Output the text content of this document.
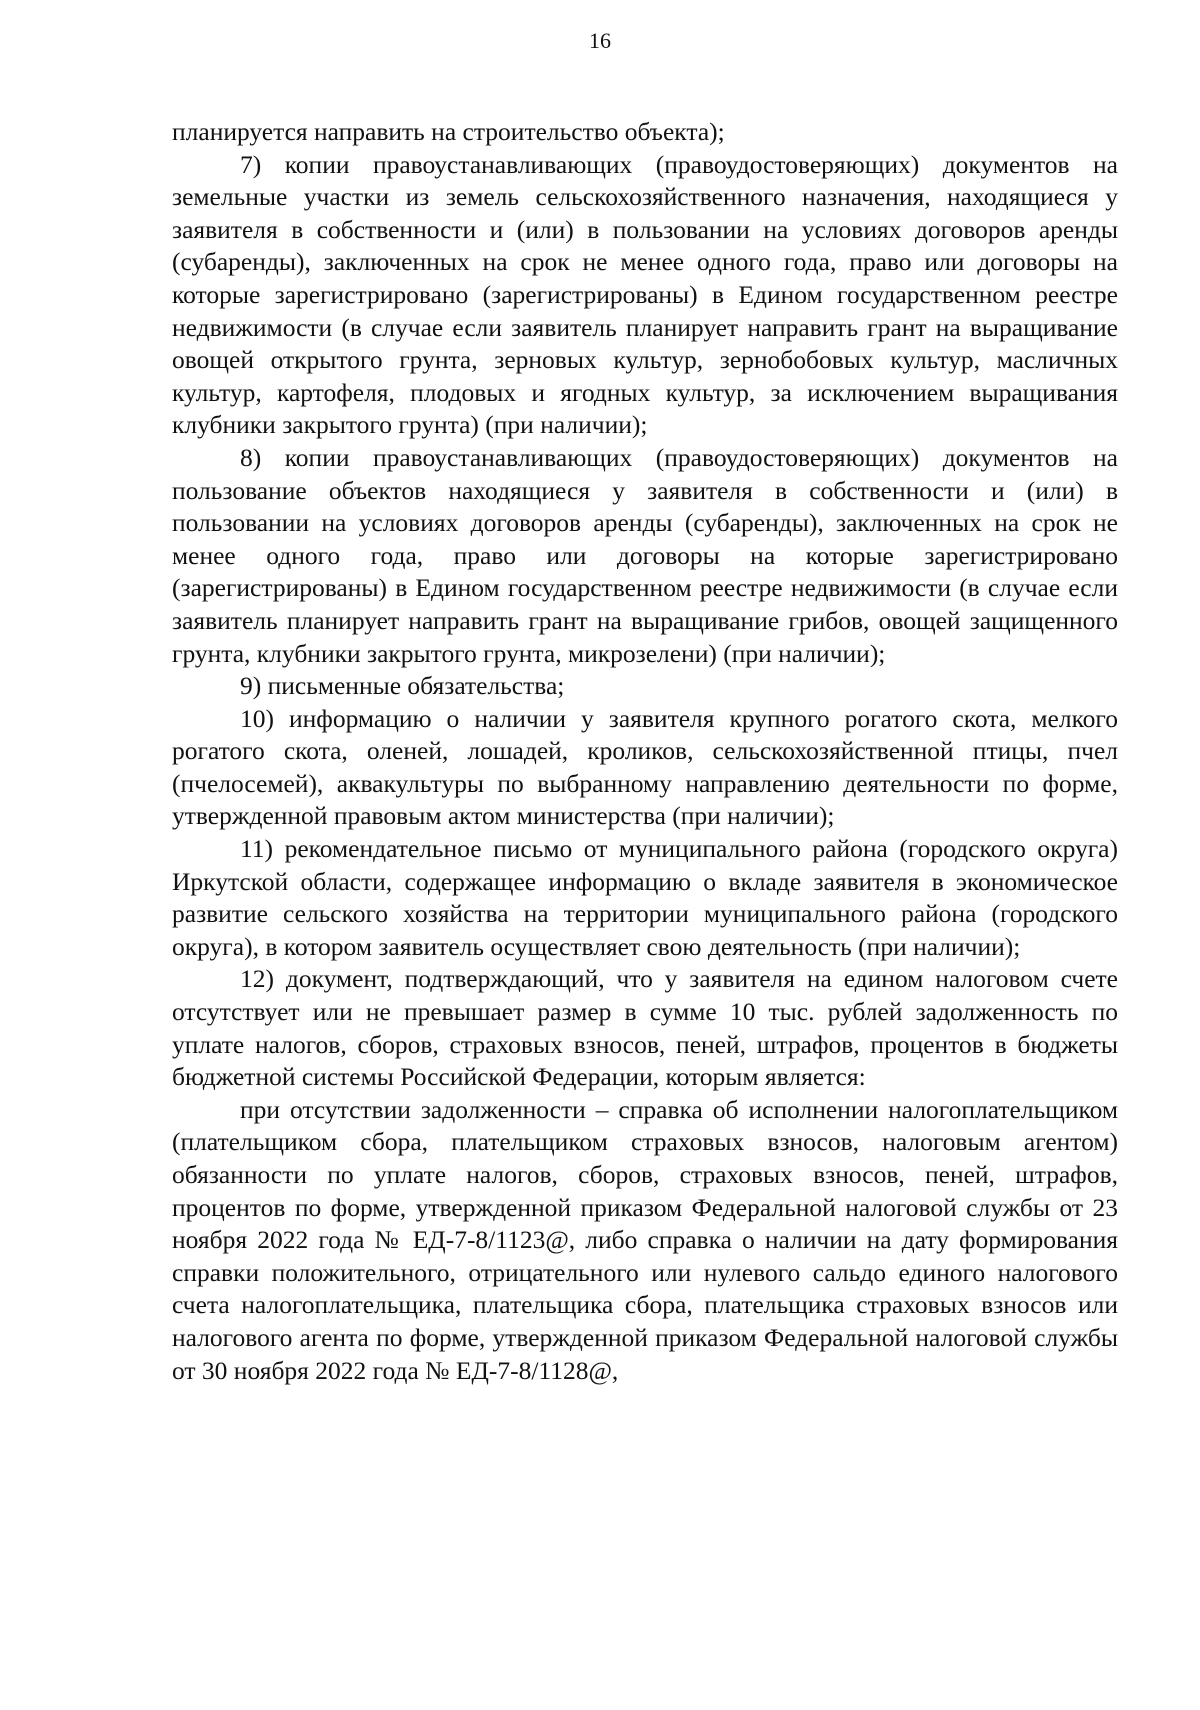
16

планируется направить на строительство объекта);

7) копии правоустанавливающих (правоудостоверяющих) документов на земельные участки из земель сельскохозяйственного назначения, находящиеся у заявителя в собственности и (или) в пользовании на условиях договоров аренды (субаренды), заключенных на срок не менее одного года, право или договоры на которые зарегистрировано (зарегистрированы) в Едином государственном реестре недвижимости (в случае если заявитель планирует направить грант на выращивание овощей открытого грунта, зерновых культур, зернобобовых культур, масличных культур, картофеля, плодовых и ягодных культур, за исключением выращивания клубники закрытого грунта) (при наличии);

8) копии правоустанавливающих (правоудостоверяющих) документов на пользование объектов находящиеся у заявителя в собственности и (или) в пользовании на условиях договоров аренды (субаренды), заключенных на срок не менее одного года, право или договоры на которые зарегистрировано (зарегистрированы) в Едином государственном реестре недвижимости (в случае если заявитель планирует направить грант на выращивание грибов, овощей защищенного грунта, клубники закрытого грунта, микрозелени) (при наличии);

9) письменные обязательства;

10) информацию о наличии у заявителя крупного рогатого скота, мелкого рогатого скота, оленей, лошадей, кроликов, сельскохозяйственной птицы, пчел (пчелосемей), аквакультуры по выбранному направлению деятельности по форме, утвержденной правовым актом министерства (при наличии);

11) рекомендательное письмо от муниципального района (городского округа) Иркутской области, содержащее информацию о вкладе заявителя в экономическое развитие сельского хозяйства на территории муниципального района (городского округа), в котором заявитель осуществляет свою деятельность (при наличии);

12) документ, подтверждающий, что у заявителя на едином налоговом счете отсутствует или не превышает размер в сумме 10 тыс. рублей задолженность по уплате налогов, сборов, страховых взносов, пеней, штрафов, процентов в бюджеты бюджетной системы Российской Федерации, которым является:

при отсутствии задолженности – справка об исполнении налогоплательщиком (плательщиком сбора, плательщиком страховых взносов, налоговым агентом) обязанности по уплате налогов, сборов, страховых взносов, пеней, штрафов, процентов по форме, утвержденной приказом Федеральной налоговой службы от 23 ноября 2022 года № ЕД-7-8/1123@, либо справка о наличии на дату формирования справки положительного, отрицательного или нулевого сальдо единого налогового счета налогоплательщика, плательщика сбора, плательщика страховых взносов или налогового агента по форме, утвержденной приказом Федеральной налоговой службы от 30 ноября 2022 года № ЕД-7-8/1128@,
